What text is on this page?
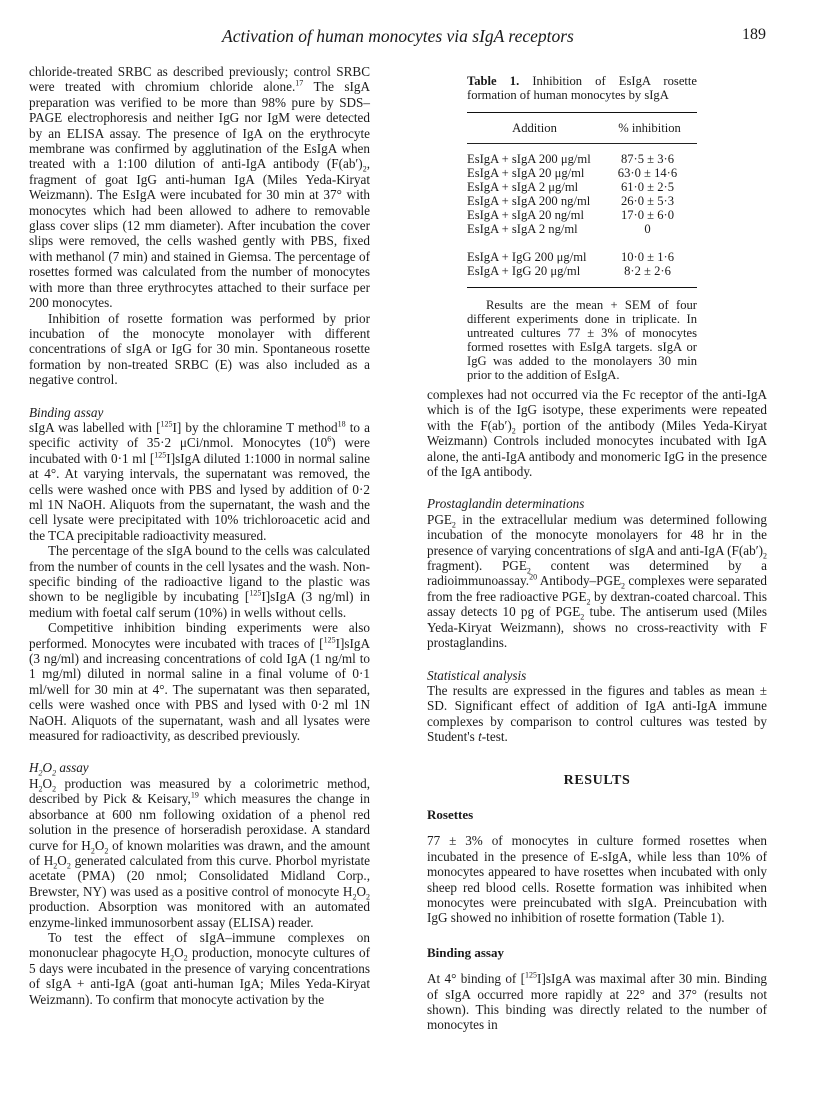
Activation of human monocytes via sIgA receptors	189

chloride-treated SRBC as described previously; control SRBC were treated with chromium chloride alone.$^{17}$ The sIgA preparation was verified to be more than 98% pure by SDS–PAGE electrophoresis and neither IgG nor IgM were detected by an ELISA assay. The presence of IgA on the erythrocyte membrane was confirmed by agglutination of the EsIgA when treated with a 1:100 dilution of anti-IgA antibody ($F(ab')_2$, fragment of goat IgG anti-human IgA (Miles Yeda-Kiryat Weizmann). The EsIgA were incubated for 30 min at 37° with monocytes which had been allowed to adhere to removable glass cover slips (12 mm diameter). After incubation the cover slips were removed, the cells washed gently with PBS, fixed with methanol (7 min) and stained in Giemsa. The percentage of rosettes formed was calculated from the number of monocytes with more than three erythrocytes attached to their surface per 200 monocytes.

Inhibition of rosette formation was performed by prior incubation of the monocyte monolayer with different concentrations of sIgA or IgG for 30 min. Spontaneous rosette formation by non-treated SRBC (E) was also included as a negative control.

Binding assay

sIgA was labelled with [$^{125}$I] by the chloramine T method$^{18}$ to a specific activity of 35·2 μCi/nmol. Monocytes $(10^6)$ were incubated with 0·1 ml [$^{125}$I]sIgA diluted 1:1000 in normal saline at 4°. At varying intervals, the supernatant was removed, the cells were washed once with PBS and lysed by addition of 0·2 ml 1N NaOH. Aliquots from the supernatant, the wash and the cell lysate were precipitated with 10% trichloroacetic acid and the TCA precipitable radioactivity measured.

The percentage of the sIgA bound to the cells was calculated from the number of counts in the cell lysates and the wash. Non-specific binding of the radioactive ligand to the plastic was shown to be negligible by incubating [$^{125}$I]sIgA (3 ng/ml) in medium with foetal calf serum (10%) in wells without cells.

Competitive inhibition binding experiments were also performed. Monocytes were incubated with traces of [$^{125}$I]sIgA (3 ng/ml) and increasing concentrations of cold IgA (1 ng/ml to 1 mg/ml) diluted in normal saline in a final volume of 0·1 ml/well for 30 min at 4°. The supernatant was then separated, cells were washed once with PBS and lysed with 0·2 ml 1N NaOH. Aliquots of the supernatant, wash and all lysates were measured for radioactivity, as described previously.

$H_2O_2$ assay

$H_2O_2$ production was measured by a colorimetric method, described by Pick & Keisary,$^{19}$ which measures the change in absorbance at 600 nm following oxidation of a phenol red solution in the presence of horseradish peroxidase. A standard curve for $H_2O_2$ of known molarities was drawn, and the amount of $H_2O_2$ generated calculated from this curve. Phorbol myristate acetate (PMA) (20 nmol; Consolidated Midland Corp., Brewster, NY) was used as a positive control of monocyte $H_2O_2$ production. Absorption was monitored with an automated enzyme-linked immunosorbent assay (ELISA) reader.

To test the effect of sIgA–immune complexes on mononuclear phagocyte $H_2O_2$ production, monocyte cultures of 5 days were incubated in the presence of varying concentrations of sIgA + anti-IgA (goat anti-human IgA; Miles Yeda-Kiryat Weizmann). To confirm that monocyte activation by the

Table 1. Inhibition of EsIgA rosette formation of human monocytes by sIgA
Addition	% inhibition
EsIgA + sIgA 200 μg/ml	87·5 ± 3·6
EsIgA + sIgA 20 μg/ml	63·0 ± 14·6
EsIgA + sIgA 2 μg/ml	61·0 ± 2·5
EsIgA + sIgA 200 ng/ml	26·0 ± 5·3
EsIgA + sIgA 20 ng/ml	17·0 ± 6·0
EsIgA + sIgA 2 ng/ml	0
EsIgA + IgG 200 μg/ml	10·0 ± 1·6
EsIgA + IgG 20 μg/ml	8·2 ± 2·6

Results are the mean + SEM of four different experiments done in triplicate. In untreated cultures 77 ± 3% of monocytes formed rosettes with EsIgA targets. sIgA or IgG was added to the monolayers 30 min prior to the addition of EsIgA.

complexes had not occurred via the Fc receptor of the anti-IgA which is of the IgG isotype, these experiments were repeated with the $F(ab')_2$ portion of the antibody (Miles Yeda-Kiryat Weizmann) Controls included monocytes incubated with IgA alone, the anti-IgA antibody and monomeric IgG in the presence of the IgA antibody.

Prostaglandin determinations

$PGE_2$ in the extracellular medium was determined following incubation of the monocyte monolayers for 48 hr in the presence of varying concentrations of sIgA and anti-IgA ($F(ab')_2$ fragment). $PGE_2$ content was determined by a radioimmunoassay.$^{20}$ Antibody–$PGE_2$ complexes were separated from the free radioactive $PGE_2$ by dextran-coated charcoal. This assay detects 10 pg of $PGE_2$ tube. The antiserum used (Miles Yeda-Kiryat Weizmann), shows no cross-reactivity with F prostaglandins.

Statistical analysis

The results are expressed in the figures and tables as mean ± SD. Significant effect of addition of IgA anti-IgA immune complexes by comparison to control cultures was tested by Student's t-test.

RESULTS

Rosettes

77 ± 3% of monocytes in culture formed rosettes when incubated in the presence of E-sIgA, while less than 10% of monocytes appeared to have rosettes when incubated with only sheep red blood cells. Rosette formation was inhibited when monocytes were preincubated with sIgA. Preincubation with IgG showed no inhibition of rosette formation (Table 1).

Binding assay

At 4° binding of [$^{125}$I]sIgA was maximal after 30 min. Binding of sIgA occurred more rapidly at 22° and 37° (results not shown). This binding was directly related to the number of monocytes in
